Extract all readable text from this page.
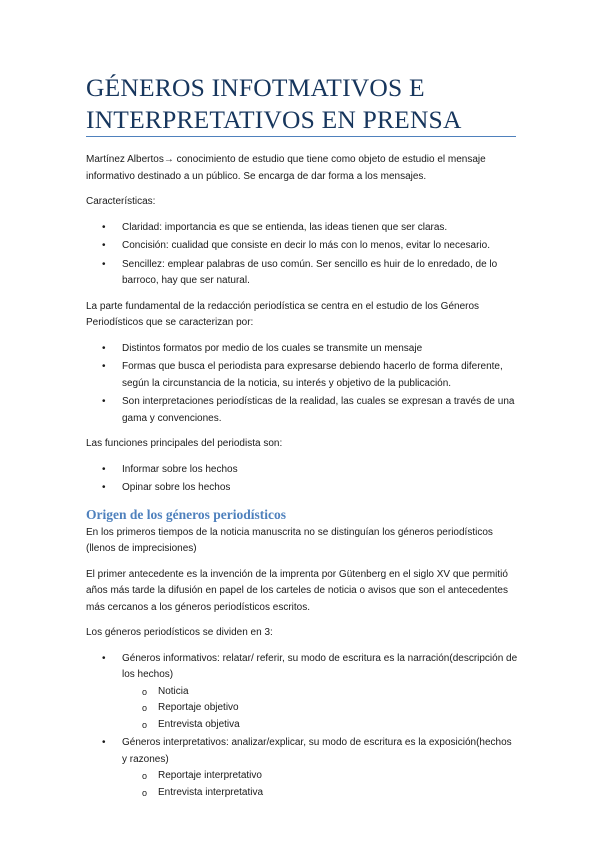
GÉNEROS INFOTMATIVOS E INTERPRETATIVOS EN PRENSA

Martínez Albertos→ conocimiento de estudio que tiene como objeto de estudio el mensaje informativo destinado a un público. Se encarga de dar forma a los mensajes.

Características:

• Claridad: importancia es que se entienda, las ideas tienen que ser claras.
• Concisión: cualidad que consiste en decir lo más con lo menos, evitar lo necesario.
• Sencillez: emplear palabras de uso común. Ser sencillo es huir de lo enredado, de lo barroco, hay que ser natural.

La parte fundamental de la redacción periodística se centra en el estudio de los Géneros Periodísticos que se caracterizan por:

• Distintos formatos por medio de los cuales se transmite un mensaje
• Formas que busca el periodista para expresarse debiendo hacerlo de forma diferente, según la circunstancia de la noticia, su interés y objetivo de la publicación.
• Son interpretaciones periodísticas de la realidad, las cuales se expresan a través de una gama y convenciones.

Las funciones principales del periodista son:

• Informar sobre los hechos
• Opinar sobre los hechos
Origen de los géneros periodísticos

En los primeros tiempos de la noticia manuscrita no se distinguían los géneros periodísticos (llenos de imprecisiones)

El primer antecedente es la invención de la imprenta por Gütenberg en el siglo XV que permitió años más tarde la difusión en papel de los carteles de noticia o avisos que son el antecedentes más cercanos a los géneros periodísticos escritos.

Los géneros periodísticos se dividen en 3:

• Géneros informativos: relatar/ referir, su modo de escritura es la narración(descripción de los hechos)
o Noticia
o Reportaje objetivo
o Entrevista objetiva
• Géneros interpretativos: analizar/explicar, su modo de escritura es la exposición(hechos y razones)
o Reportaje interpretativo
o Entrevista interpretativa
